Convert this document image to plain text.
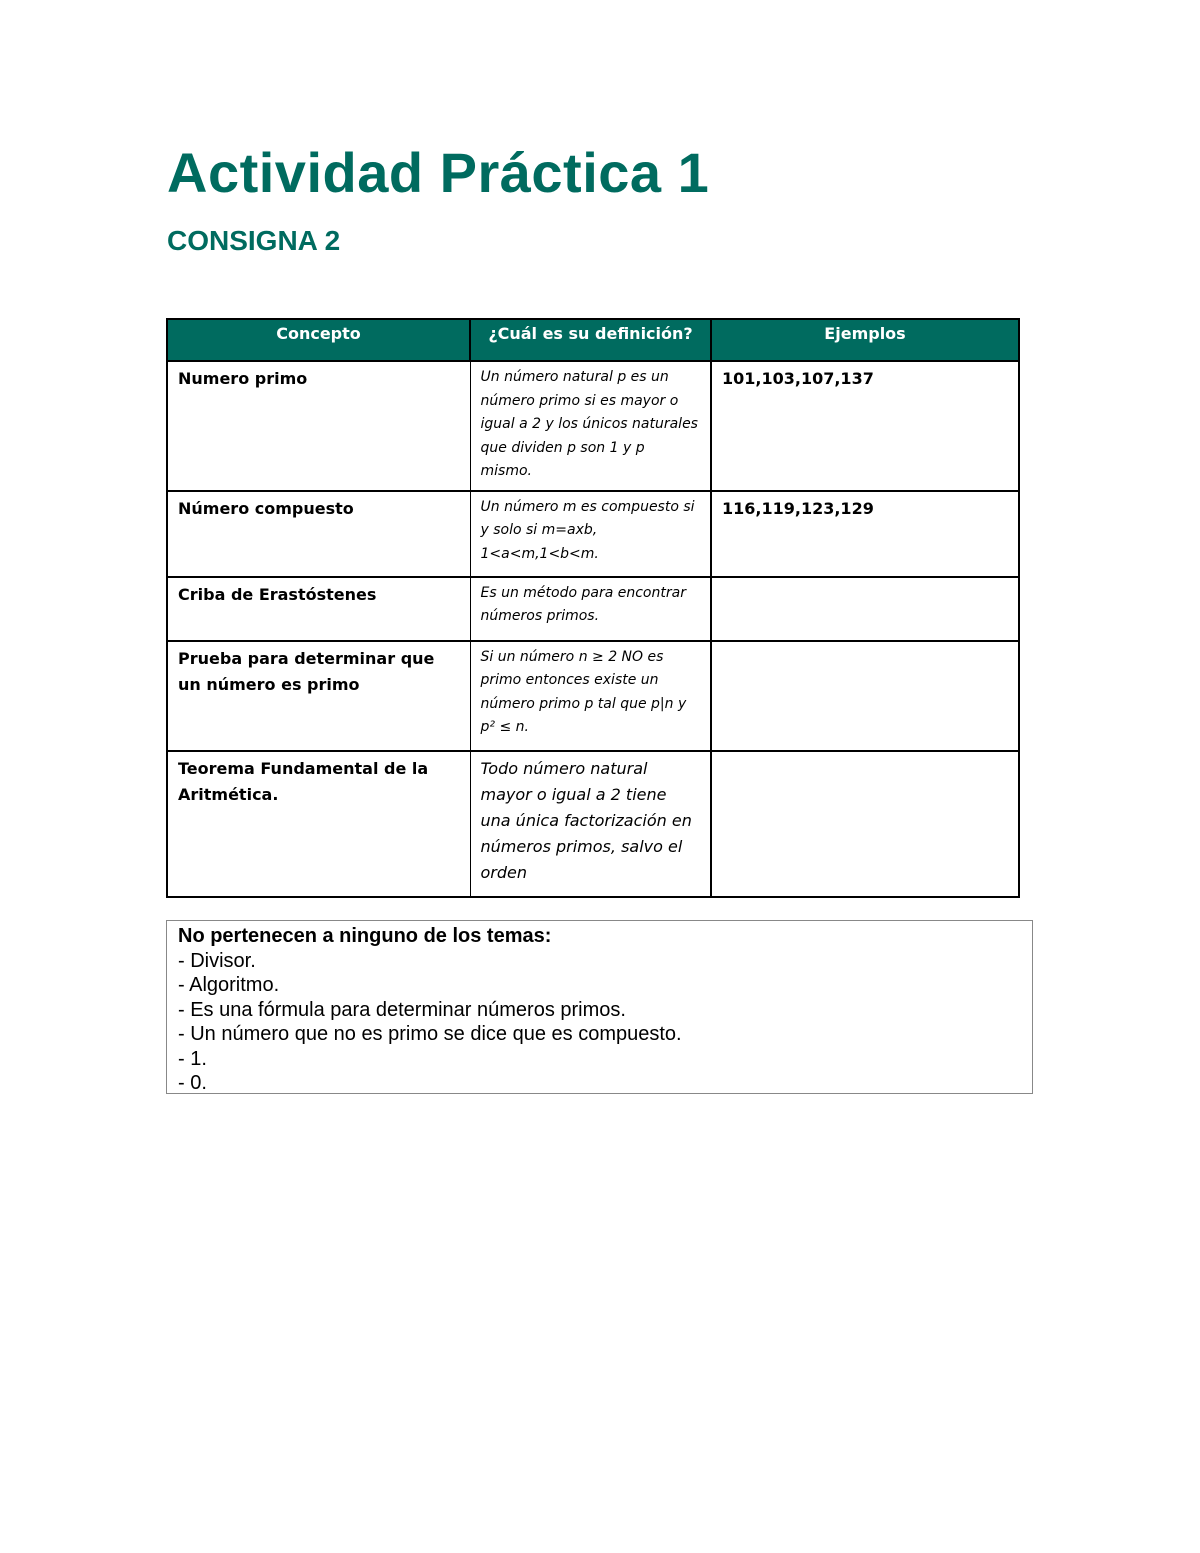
Actividad Práctica 1
CONSIGNA 2
Concepto	¿Cuál es su definición?	Ejemplos

Numero primo	Un número natural p es un número primo si es mayor o igual a 2 y los únicos naturales que dividen p son 1 y p mismo.	101,103,107,137

Número compuesto	Un número m es compuesto si y solo si m=axb, 1<a<m,1<b<m.	116,119,123,129

Criba de Erastóstenes	Es un método para encontrar números primos.	

Prueba para determinar que un número es primo	Si un número n ≥ 2 NO es primo entonces existe un número primo p tal que p|n y p² ≤ n.	

Teorema Fundamental de la Aritmética.	Todo número natural mayor o igual a 2 tiene una única factorización en números primos, salvo el orden	

No pertenecen a ninguno de los temas:

- Divisor.
- Algoritmo.
- Es una fórmula para determinar números primos.
- Un número que no es primo se dice que es compuesto.
- 1.
- 0.
